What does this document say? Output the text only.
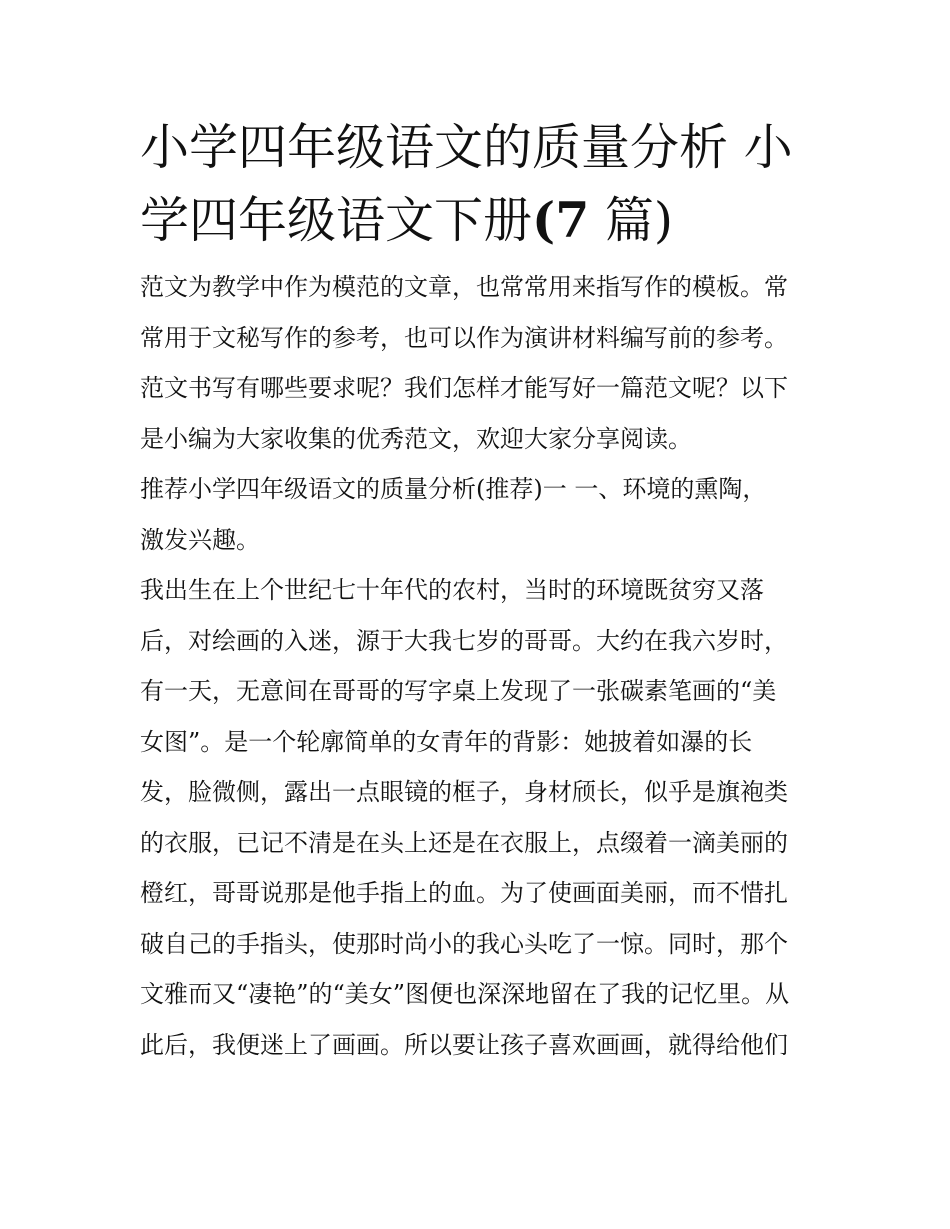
小学四年级语文的质量分析 小
学四年级语文下册(7 篇)

范文为教学中作为模范的文章，也常常用来指写作的模板。常
常用于文秘写作的参考，也可以作为演讲材料编写前的参考。
范文书写有哪些要求呢？我们怎样才能写好一篇范文呢？以下
是小编为大家收集的优秀范文，欢迎大家分享阅读。

推荐小学四年级语文的质量分析(推荐)一 一、环境的熏陶，
激发兴趣。

我出生在上个世纪七十年代的农村，当时的环境既贫穷又落
后，对绘画的入迷，源于大我七岁的哥哥。大约在我六岁时，
有一天，无意间在哥哥的写字桌上发现了一张碳素笔画的“美
女图”。是一个轮廓简单的女青年的背影：她披着如瀑的长
发，脸微侧，露出一点眼镜的框子，身材颀长，似乎是旗袍类
的衣服，已记不清是在头上还是在衣服上，点缀着一滴美丽的
橙红，哥哥说那是他手指上的血。为了使画面美丽，而不惜扎
破自己的手指头，使那时尚小的我心头吃了一惊。同时，那个
文雅而又“凄艳”的“美女”图便也深深地留在了我的记忆里。从
此后，我便迷上了画画。所以要让孩子喜欢画画，就得给他们
